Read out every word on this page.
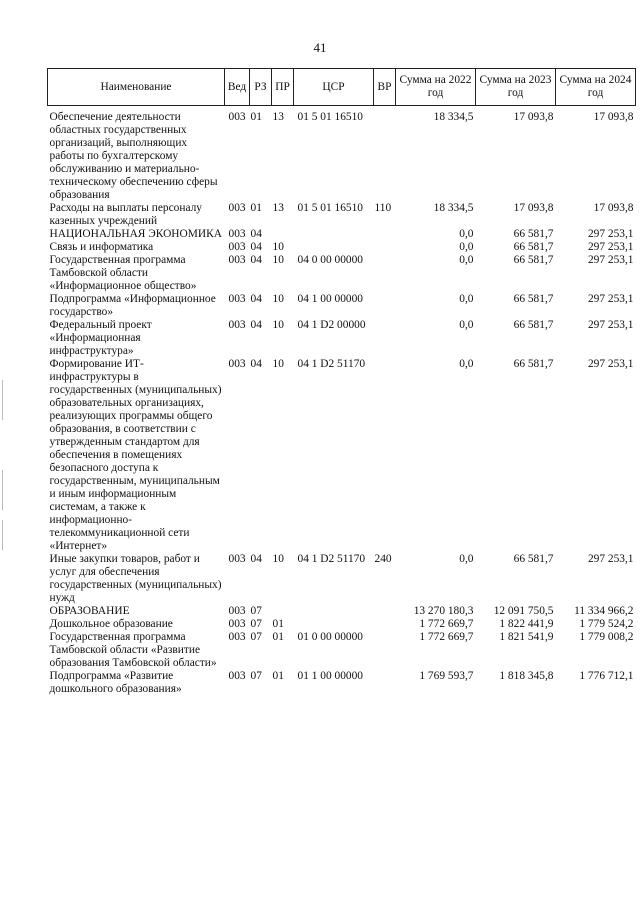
41
Наименование	Вед	РЗ	ПР	ЦСР	ВР	Сумма на 2022 год	Сумма на 2023 год	Сумма на 2024 год
Обеспечение деятельности областных государственных организаций, выполняющих работы по бухгалтерскому обслуживанию и материально-техническому обеспечению сферы образования	003	01	13	01 5 01 16510		18 334,5	17 093,8	17 093,8
Расходы на выплаты персоналу казенных учреждений	003	01	13	01 5 01 16510	110	18 334,5	17 093,8	17 093,8
НАЦИОНАЛЬНАЯ ЭКОНОМИКА	003	04				0,0	66 581,7	297 253,1
Связь и информатика	003	04	10			0,0	66 581,7	297 253,1
Государственная программа Тамбовской области «Информационное общество»	003	04	10	04 0 00 00000		0,0	66 581,7	297 253,1
Подпрограмма «Информационное государство»	003	04	10	04 1 00 00000		0,0	66 581,7	297 253,1
Федеральный проект «Информационная инфраструктура»	003	04	10	04 1 D2 00000		0,0	66 581,7	297 253,1
Формирование ИТ-инфраструктуры в государственных (муниципальных) образовательных организациях, реализующих программы общего образования, в соответствии с утвержденным стандартом для обеспечения в помещениях безопасного доступа к государственным, муниципальным и иным информационным системам, а также к информационно-телекоммуникационной сети «Интернет»	003	04	10	04 1 D2 51170		0,0	66 581,7	297 253,1
Иные закупки товаров, работ и услуг для обеспечения государственных (муниципальных) нужд	003	04	10	04 1 D2 51170	240	0,0	66 581,7	297 253,1
ОБРАЗОВАНИЕ	003	07				13 270 180,3	12 091 750,5	11 334 966,2
Дошкольное образование	003	07	01			1 772 669,7	1 822 441,9	1 779 524,2
Государственная программа Тамбовской области «Развитие образования Тамбовской области»	003	07	01	01 0 00 00000		1 772 669,7	1 821 541,9	1 779 008,2
Подпрограмма «Развитие дошкольного образования»	003	07	01	01 1 00 00000		1 769 593,7	1 818 345,8	1 776 712,1
